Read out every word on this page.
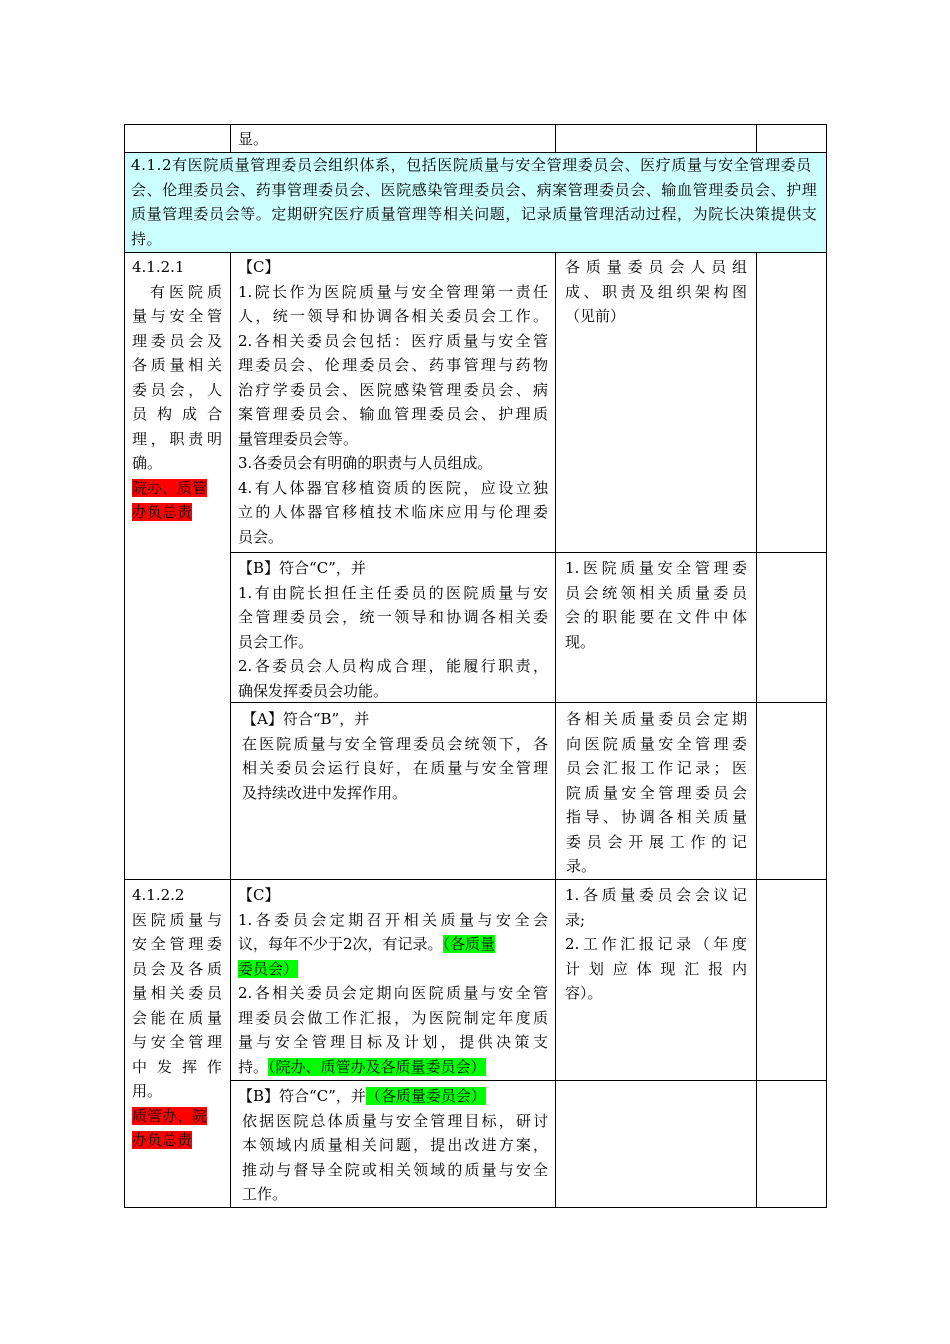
显。

4.1.2有医院质量管理委员会组织体系，包括医院质量与安全管理委员会、医疗质量与安全管理委员会、伦理委员会、药事管理委员会、医院感染管理委员会、病案管理委员会、输血管理委员会、护理质量管理委员会等。定期研究医疗质量管理等相关问题，记录质量管理活动过程，为院长决策提供支持。

4.1.2.1
有医院质
量与安全管
理委员会及
各质量相关
委员会，人
员构成合
理，职责明
确。
院办、质管
办负总责
【C】
1.院长作为医院质量与安全管理第一责任
人，统一领导和协调各相关委员会工作。
2.各相关委员会包括：医疗质量与安全管
理委员会、伦理委员会、药事管理与药物
治疗学委员会、医院感染管理委员会、病
案管理委员会、输血管理委员会、护理质
量管理委员会等。
3.各委员会有明确的职责与人员组成。
4.有人体器官移植资质的医院，应设立独
立的人体器官移植技术临床应用与伦理委
员会。
各质量委员会人员组
成、职责及组织架构图
（见前）
【B】符合“C”，并
1.有由院长担任主任委员的医院质量与安
全管理委员会，统一领导和协调各相关委
员会工作。
2.各委员会人员构成合理，能履行职责，
确保发挥委员会功能。
1.医院质量安全管理委
员会统领相关质量委员
会的职能要在文件中体
现。
【A】符合“B”，并
在医院质量与安全管理委员会统领下，各
相关委员会运行良好，在质量与安全管理
及持续改进中发挥作用。
各相关质量委员会定期
向医院质量安全管理委
员会汇报工作记录；医
院质量安全管理委员会
指导、协调各相关质量
委员会开展工作的记
录。
4.1.2.2
医院质量与
安全管理委
员会及各质
量相关委员
会能在质量
与安全管理
中发挥作
用。
质管办、院
办负总责
【C】
1.各委员会定期召开相关质量与安全会
议，每年不少于2次，有记录。（各质量
委员会）
2.各相关委员会定期向医院质量与安全管
理委员会做工作汇报，为医院制定年度质
量与安全管理目标及计划，提供决策支
持。（院办、质管办及各质量委员会）
1.各质量委员会会议记
录;
2.工作汇报记录（年度
计划应体现汇报内
容）。
【B】符合“C”，并（各质量委员会）
依据医院总体质量与安全管理目标，研讨
本领域内质量相关问题，提出改进方案，
推动与督导全院或相关领域的质量与安全
工作。
